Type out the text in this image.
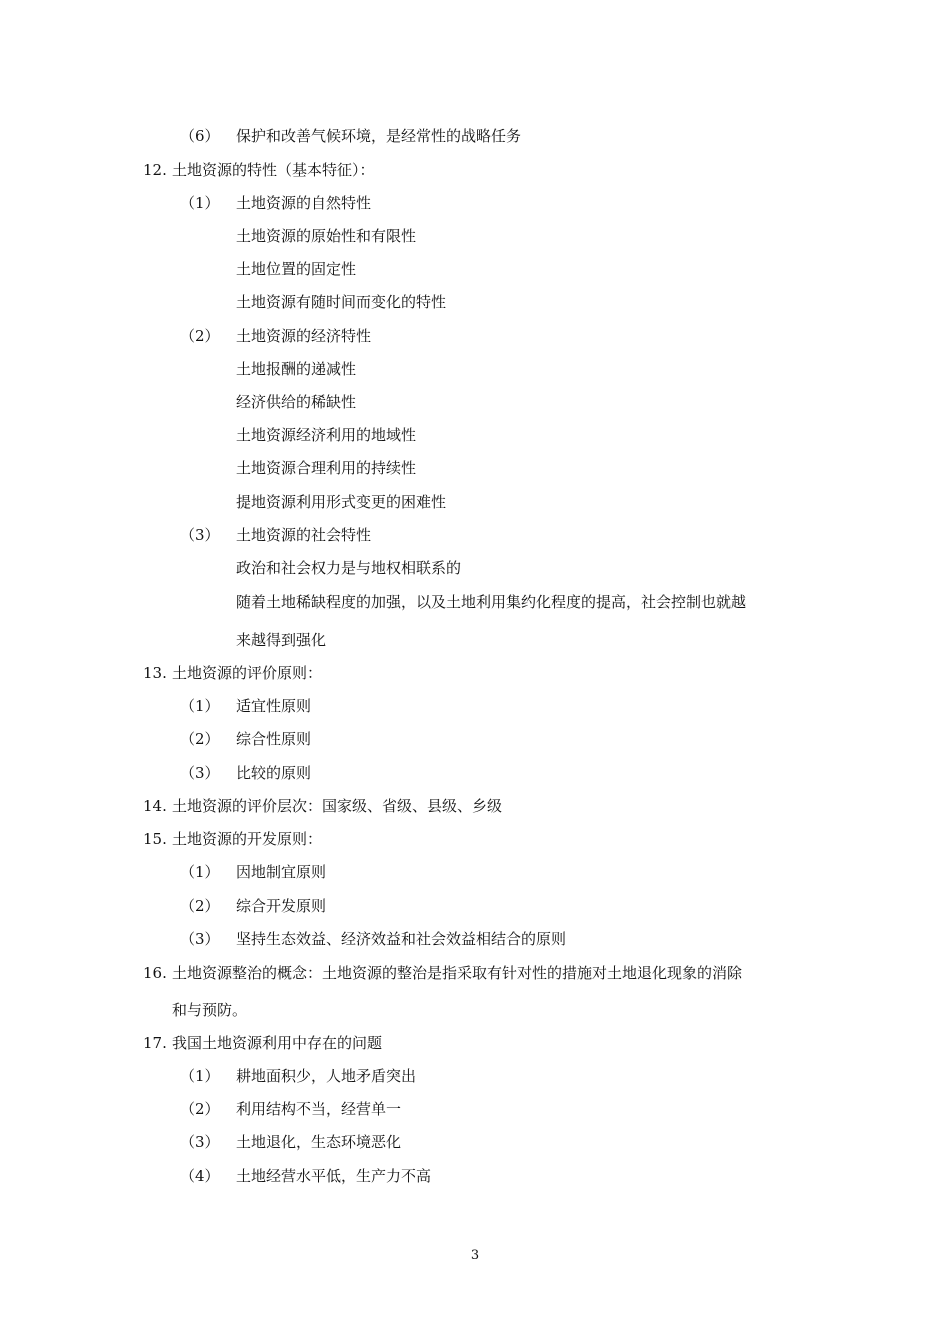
（6） 保护和改善气候环境，是经常性的战略任务
12. 土地资源的特性（基本特征）：
（1） 土地资源的自然特性
土地资源的原始性和有限性
土地位置的固定性
土地资源有随时间而变化的特性
（2） 土地资源的经济特性
土地报酬的递减性
经济供给的稀缺性
土地资源经济利用的地域性
土地资源合理利用的持续性
提地资源利用形式变更的困难性
（3） 土地资源的社会特性
政治和社会权力是与地权相联系的
随着土地稀缺程度的加强，以及土地利用集约化程度的提高，社会控制也就越
来越得到强化
13. 土地资源的评价原则：
（1） 适宜性原则
（2） 综合性原则
（3） 比较的原则
14. 土地资源的评价层次：国家级、省级、县级、乡级
15. 土地资源的开发原则：
（1） 因地制宜原则
（2） 综合开发原则
（3） 坚持生态效益、经济效益和社会效益相结合的原则
16. 土地资源整治的概念：土地资源的整治是指采取有针对性的措施对土地退化现象的消除
和与预防。
17. 我国土地资源利用中存在的问题
（1） 耕地面积少，人地矛盾突出
（2） 利用结构不当，经营单一
（3） 土地退化，生态环境恶化
（4） 土地经营水平低，生产力不高
3
